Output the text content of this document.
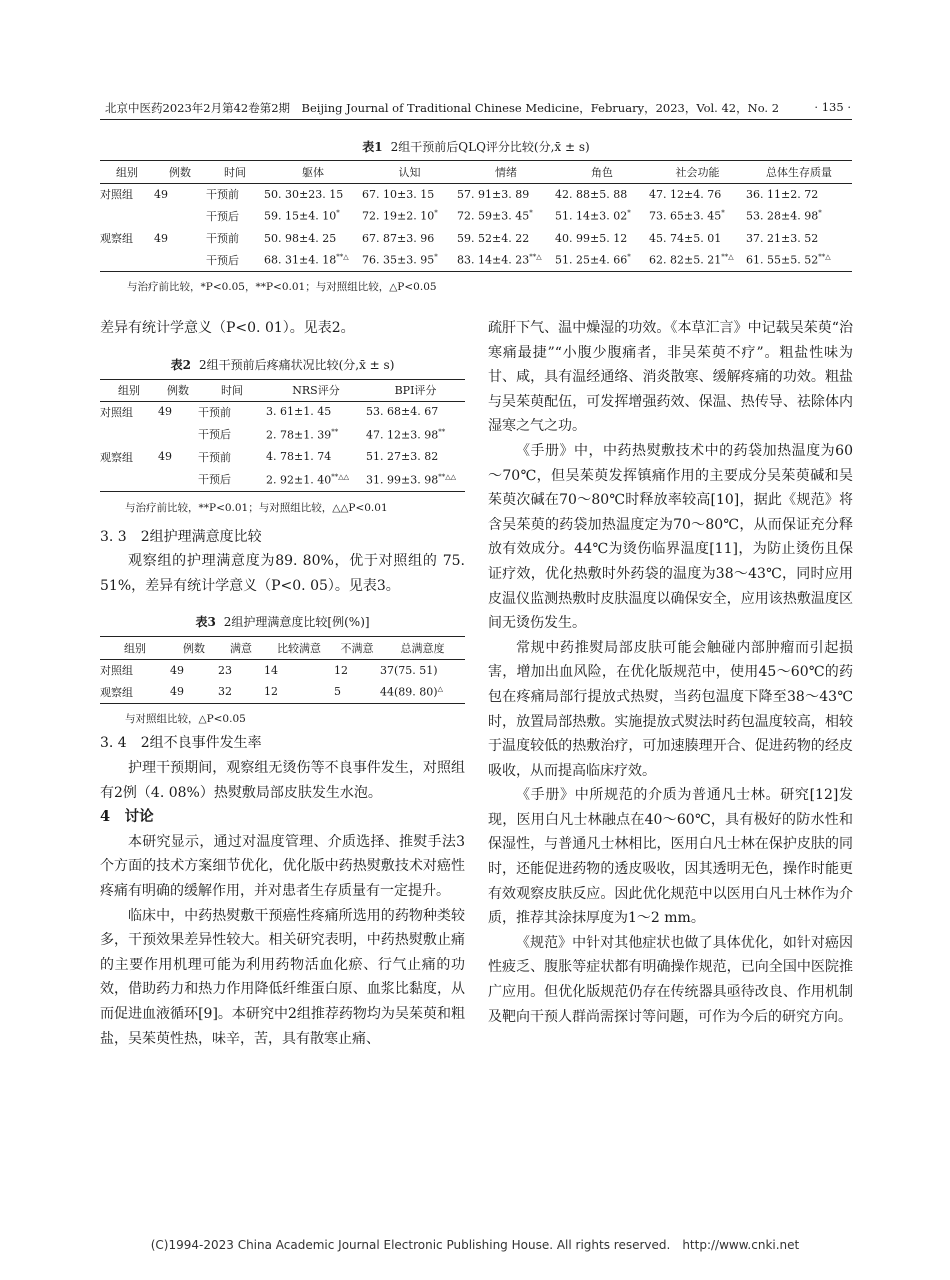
北京中医药2023年2月第42卷第2期　Beijing Journal of Traditional Chinese Medicine，February，2023，Vol. 42，No. 2	· 135 ·
表1 2组干预前后QLQ评分比较(分,x̄ ± s)
组别	例数	时间	躯体	认知	情绪	角色	社会功能	总体生存质量
对照组	49	干预前	50. 30±23. 15	67. 10±3. 15	57. 91±3. 89	42. 88±5. 88	47. 12±4. 76	36. 11±2. 72
		干预后	59. 15±4. 10*	72. 19±2. 10*	72. 59±3. 45*	51. 14±3. 02*	73. 65±3. 45*	53. 28±4. 98*
观察组	49	干预前	50. 98±4. 25	67. 87±3. 96	59. 52±4. 22	40. 99±5. 12	45. 74±5. 01	37. 21±3. 52
		干预后	68. 31±4. 18**△	76. 35±3. 95*	83. 14±4. 23**△	51. 25±4. 66*	62. 82±5. 21**△	61. 55±5. 52**△
与治疗前比较，*P<0.05，**P<0.01；与对照组比较，△P<0.05

差异有统计学意义（P<0. 01）。见表2。

表2 2组干预前后疼痛状况比较(分,x̄ ± s)
组别	例数	时间	NRS评分	BPI评分
对照组	49	干预前	3. 61±1. 45	53. 68±4. 67
		干预后	2. 78±1. 39**	47. 12±3. 98**
观察组	49	干预前	4. 78±1. 74	51. 27±3. 82
		干预后	2. 92±1. 40**△△	31. 99±3. 98**△△
与治疗前比较，**P<0.01；与对照组比较，△△P<0.01
3. 3　2组护理满意度比较

观察组的护理满意度为89. 80%，优于对照组的 75. 51%，差异有统计学意义（P<0. 05）。见表3。

表3 2组护理满意度比较[例(%)]
组别	例数	满意	比较满意	不满意	总满意度
对照组	49	23	14	12	37(75. 51)
观察组	49	32	12	5	44(89. 80)△
与对照组比较，△P<0.05
3. 4　2组不良事件发生率

护理干预期间，观察组无烫伤等不良事件发生，对照组有2例（4. 08%）热熨敷局部皮肤发生水泡。

4　讨论

本研究显示，通过对温度管理、介质选择、推熨手法3个方面的技术方案细节优化，优化版中药热熨敷技术对癌性疼痛有明确的缓解作用，并对患者生存质量有一定提升。

临床中，中药热熨敷干预癌性疼痛所选用的药物种类较多，干预效果差异性较大。相关研究表明，中药热熨敷止痛的主要作用机理可能为利用药物活血化瘀、行气止痛的功效，借助药力和热力作用降低纤维蛋白原、血浆比黏度，从而促进血液循环[9]。本研究中2组推荐药物均为吴茱萸和粗盐，吴茱萸性热，味辛，苦，具有散寒止痛、

疏肝下气、温中燥湿的功效。《本草汇言》中记载吴茱萸“治寒痛最捷”“小腹少腹痛者，非吴茱萸不疗”。粗盐性味为甘、咸，具有温经通络、消炎散寒、缓解疼痛的功效。粗盐与吴茱萸配伍，可发挥增强药效、保温、热传导、祛除体内湿寒之气之功。

《手册》中，中药热熨敷技术中的药袋加热温度为60～70℃，但吴茱萸发挥镇痛作用的主要成分吴茱萸碱和吴茱萸次碱在70～80℃时释放率较高[10]，据此《规范》将含吴茱萸的药袋加热温度定为70～80℃，从而保证充分释放有效成分。44℃为烫伤临界温度[11]，为防止烫伤且保证疗效，优化热敷时外药袋的温度为38～43℃，同时应用皮温仪监测热敷时皮肤温度以确保安全，应用该热敷温度区间无烫伤发生。

常规中药推熨局部皮肤可能会触碰内部肿瘤而引起损害，增加出血风险，在优化版规范中，使用45～60℃的药包在疼痛局部行提放式热熨，当药包温度下降至38～43℃时，放置局部热敷。实施提放式熨法时药包温度较高，相较于温度较低的热敷治疗，可加速腠理开合、促进药物的经皮吸收，从而提高临床疗效。

《手册》中所规范的介质为普通凡士林。研究[12]发现，医用白凡士林融点在40～60℃，具有极好的防水性和保湿性，与普通凡士林相比，医用白凡士林在保护皮肤的同时，还能促进药物的透皮吸收，因其透明无色，操作时能更有效观察皮肤反应。因此优化规范中以医用白凡士林作为介质，推荐其涂抹厚度为1～2 mm。

《规范》中针对其他症状也做了具体优化，如针对癌因性疲乏、腹胀等症状都有明确操作规范，已向全国中医院推广应用。但优化版规范仍存在传统器具亟待改良、作用机制及靶向干预人群尚需探讨等问题，可作为今后的研究方向。

(C)1994-2023 China Academic Journal Electronic Publishing House. All rights reserved.　http://www.cnki.net
